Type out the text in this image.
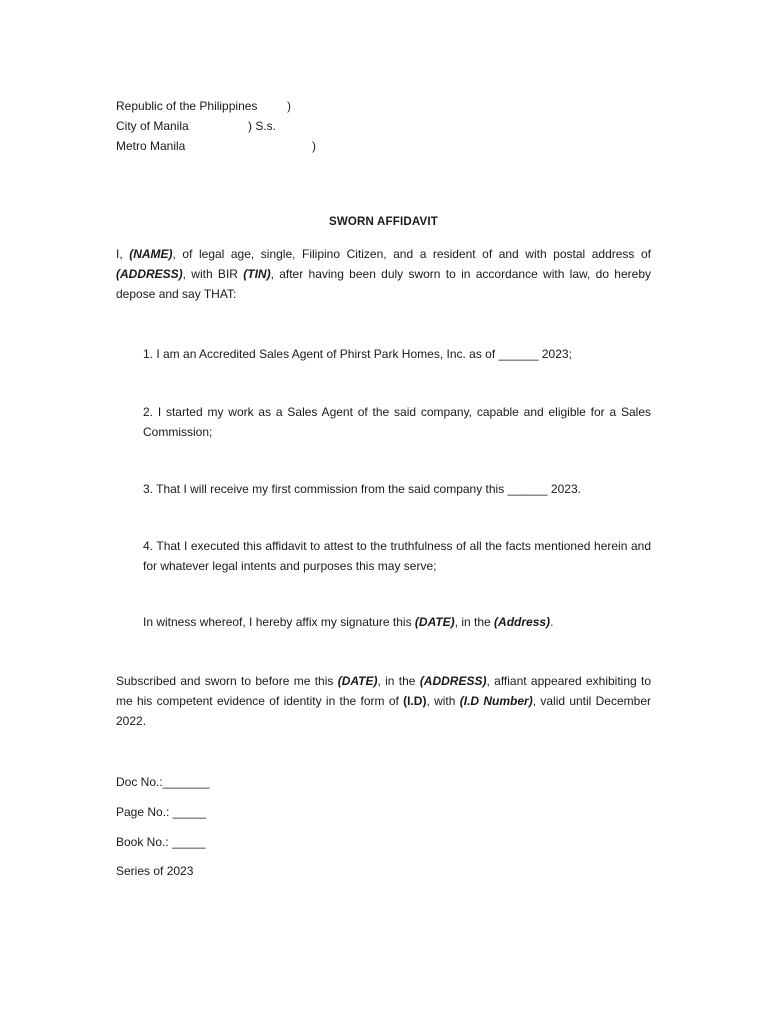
Republic of the Philippines )
City of Manila	) S.s.
Metro Manila	)
SWORN AFFIDAVIT
I, (NAME), of legal age, single, Filipino Citizen, and a resident of and with postal address of (ADDRESS), with BIR (TIN), after having been duly sworn to in accordance with law, do hereby depose and say THAT:
1. I am an Accredited Sales Agent of Phirst Park Homes, Inc. as of ______ 2023;
2. I started my work as a Sales Agent of the said company, capable and eligible for a Sales Commission;
3. That I will receive my first commission from the said company this ______ 2023.
4. That I executed this affidavit to attest to the truthfulness of all the facts mentioned herein and for whatever legal intents and purposes this may serve;
In witness whereof, I hereby affix my signature this (DATE), in the (Address).
Subscribed and sworn to before me this (DATE), in the (ADDRESS), affiant appeared exhibiting to me his competent evidence of identity in the form of (I.D), with (I.D Number), valid until December 2022.
Doc No.:_______
Page No.: _____
Book No.: _____
Series of 2023
